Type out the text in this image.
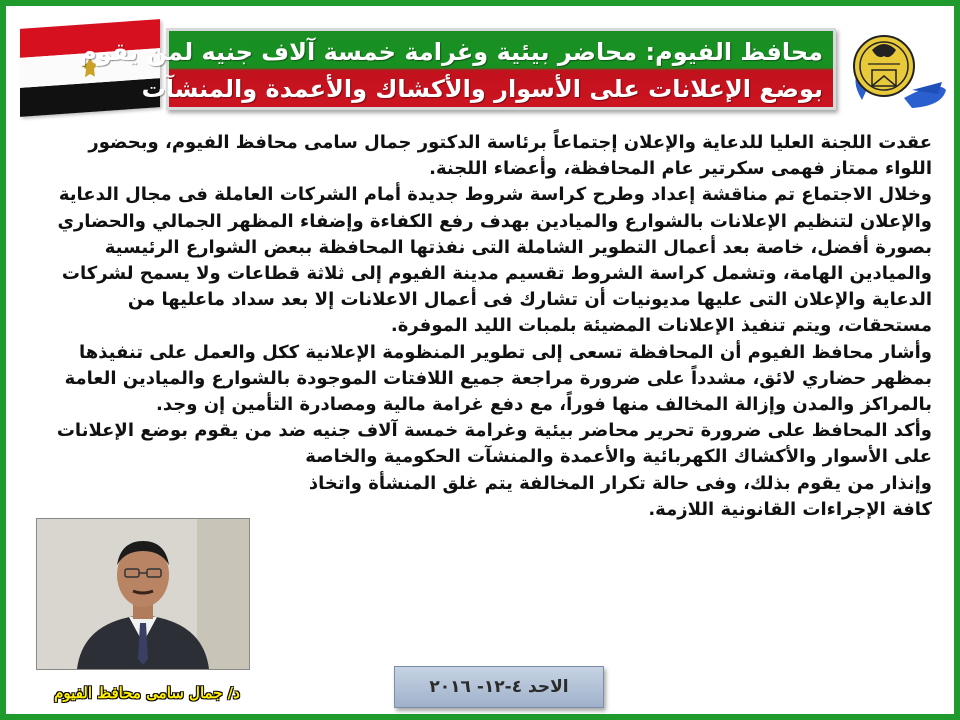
محافظ الفيوم: محاضر بيئية وغرامة خمسة آلاف جنيه لمن يقوم
بوضع الإعلانات على الأسوار والأكشاك والأعمدة والمنشآت

عقدت اللجنة العليا للدعاية والإعلان إجتماعاً برئاسة الدكتور جمال سامى محافظ الفيوم، وبحضور اللواء ممتاز فهمى سكرتير عام المحافظة، وأعضاء اللجنة.

وخلال الاجتماع تم مناقشة إعداد وطرح كراسة شروط جديدة أمام الشركات العاملة فى مجال الدعاية والإعلان لتنظيم الإعلانات بالشوارع والميادين بهدف رفع الكفاءة وإضفاء المظهر الجمالي والحضاري بصورة أفضل، خاصة بعد أعمال التطوير الشاملة التى نفذتها المحافظة ببعض الشوارع الرئيسية والميادين الهامة، وتشمل كراسة الشروط تقسيم مدينة الفيوم إلى ثلاثة قطاعات ولا يسمح لشركات الدعاية والإعلان التى عليها مديونيات أن تشارك فى أعمال الاعلانات إلا بعد سداد ماعليها من مستحقات، ويتم تنفيذ الإعلانات المضيئة بلمبات الليد الموفرة.

وأشار محافظ الفيوم أن المحافظة تسعى إلى تطوير المنظومة الإعلانية ككل والعمل على تنفيذها بمظهر حضاري لائق، مشدداً على ضرورة مراجعة جميع اللافتات الموجودة بالشوارع والميادين العامة بالمراكز والمدن وإزالة المخالف منها فوراً، مع دفع غرامة مالية ومصادرة التأمين إن وجد.

وأكد المحافظ على ضرورة تحرير محاضر بيئية وغرامة خمسة آلاف جنيه ضد من يقوم بوضع الإعلانات

على الأسوار والأكشاك الكهربائية والأعمدة والمنشآت الحكومية والخاصة

وإنذار من يقوم بذلك، وفى حالة تكرار المخالفة يتم غلق المنشأة واتخاذ

كافة الإجراءات القانونية اللازمة.

د/ جمال سامى محافظ الفيوم	الاحد ٤-١٢- ٢٠١٦
